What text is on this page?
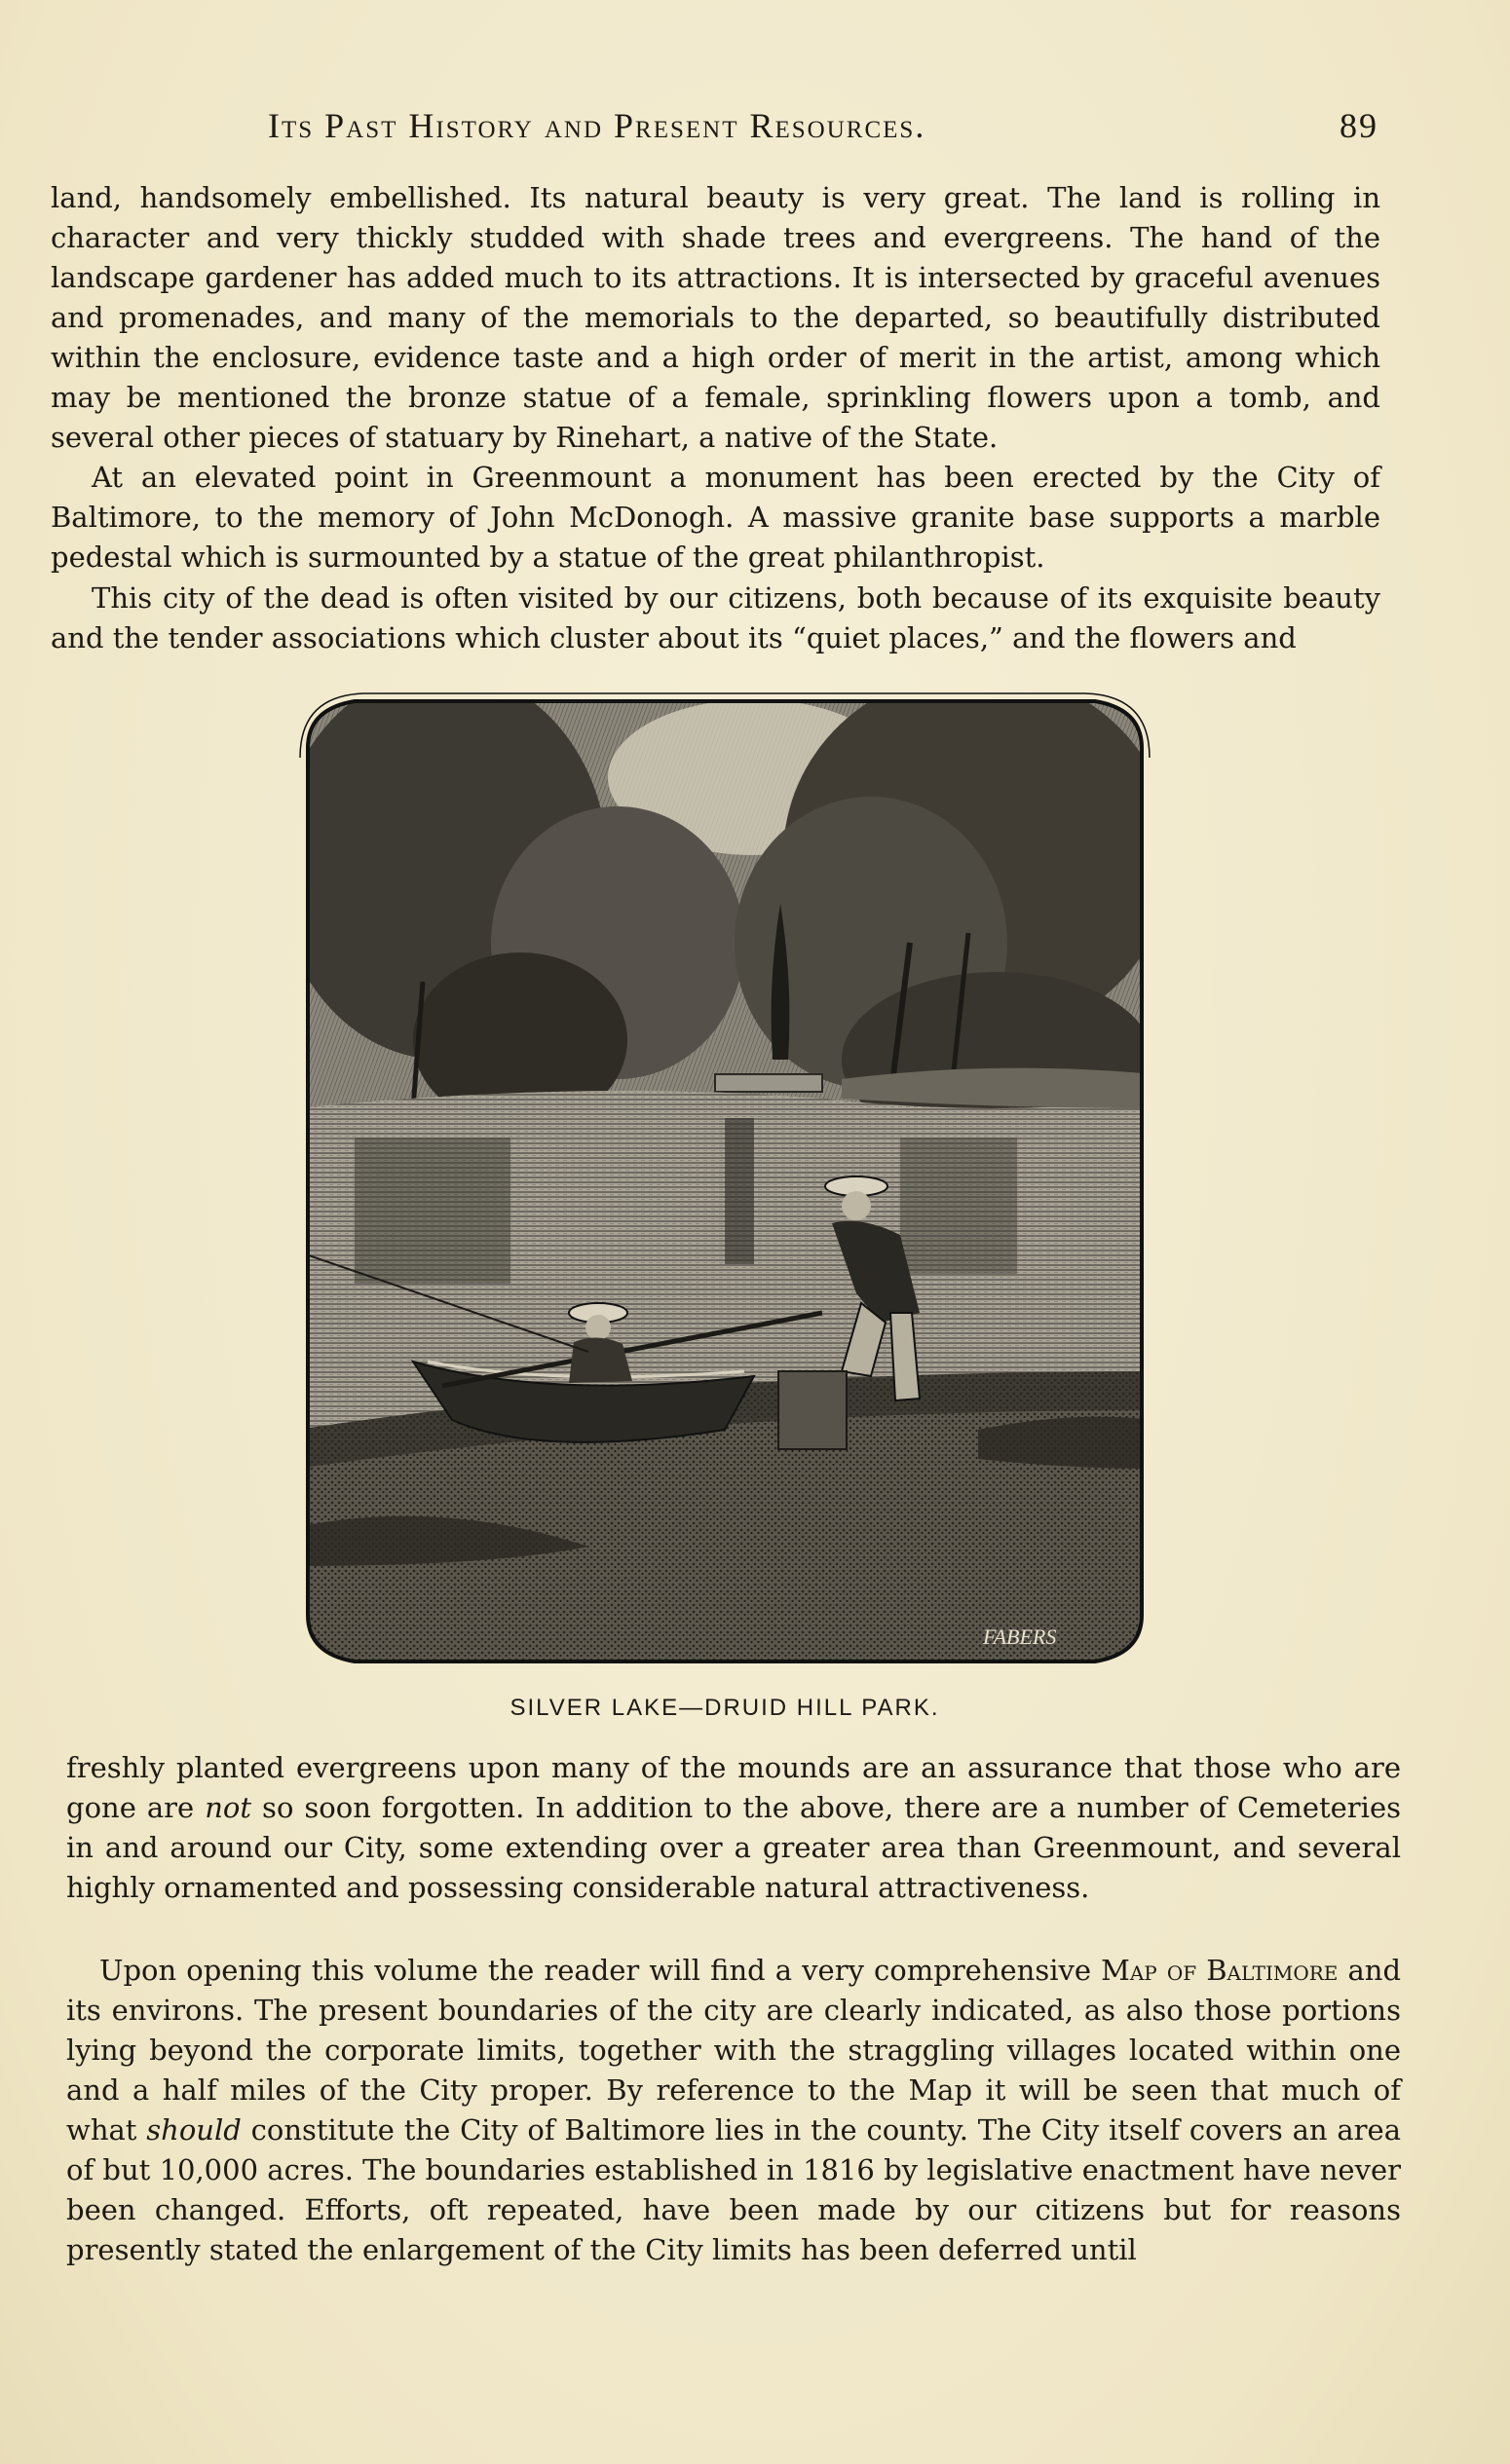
Its Past History and Present Resources.	89

land, handsomely embellished. Its natural beauty is very great. The land is rolling in character and very thickly studded with shade trees and evergreens. The hand of the landscape gardener has added much to its attractions. It is intersected by graceful avenues and promenades, and many of the memorials to the departed, so beautifully distributed within the enclosure, evidence taste and a high order of merit in the artist, among which may be mentioned the bronze statue of a female, sprinkling flowers upon a tomb, and several other pieces of statuary by Rinehart, a native of the State.

At an elevated point in Greenmount a monument has been erected by the City of Baltimore, to the memory of John McDonogh. A massive granite base supports a marble pedestal which is surmounted by a statue of the great philanthropist.

This city of the dead is often visited by our citizens, both because of its exquisite beauty and the tender associations which cluster about its “quiet places,” and the flowers and

FABERS
SILVER LAKE—DRUID HILL PARK.

freshly planted evergreens upon many of the mounds are an assurance that those who are gone are not so soon forgotten. In addition to the above, there are a number of Cemeteries in and around our City, some extending over a greater area than Greenmount, and several highly ornamented and possessing considerable natural attractiveness.

Upon opening this volume the reader will find a very comprehensive Map of Baltimore and its environs. The present boundaries of the city are clearly indicated, as also those portions lying beyond the corporate limits, together with the straggling villages located within one and a half miles of the City proper. By reference to the Map it will be seen that much of what should constitute the City of Baltimore lies in the county. The City itself covers an area of but 10,000 acres. The boundaries established in 1816 by legislative enactment have never been changed. Efforts, oft repeated, have been made by our citizens but for reasons presently stated the enlargement of the City limits has been deferred until
